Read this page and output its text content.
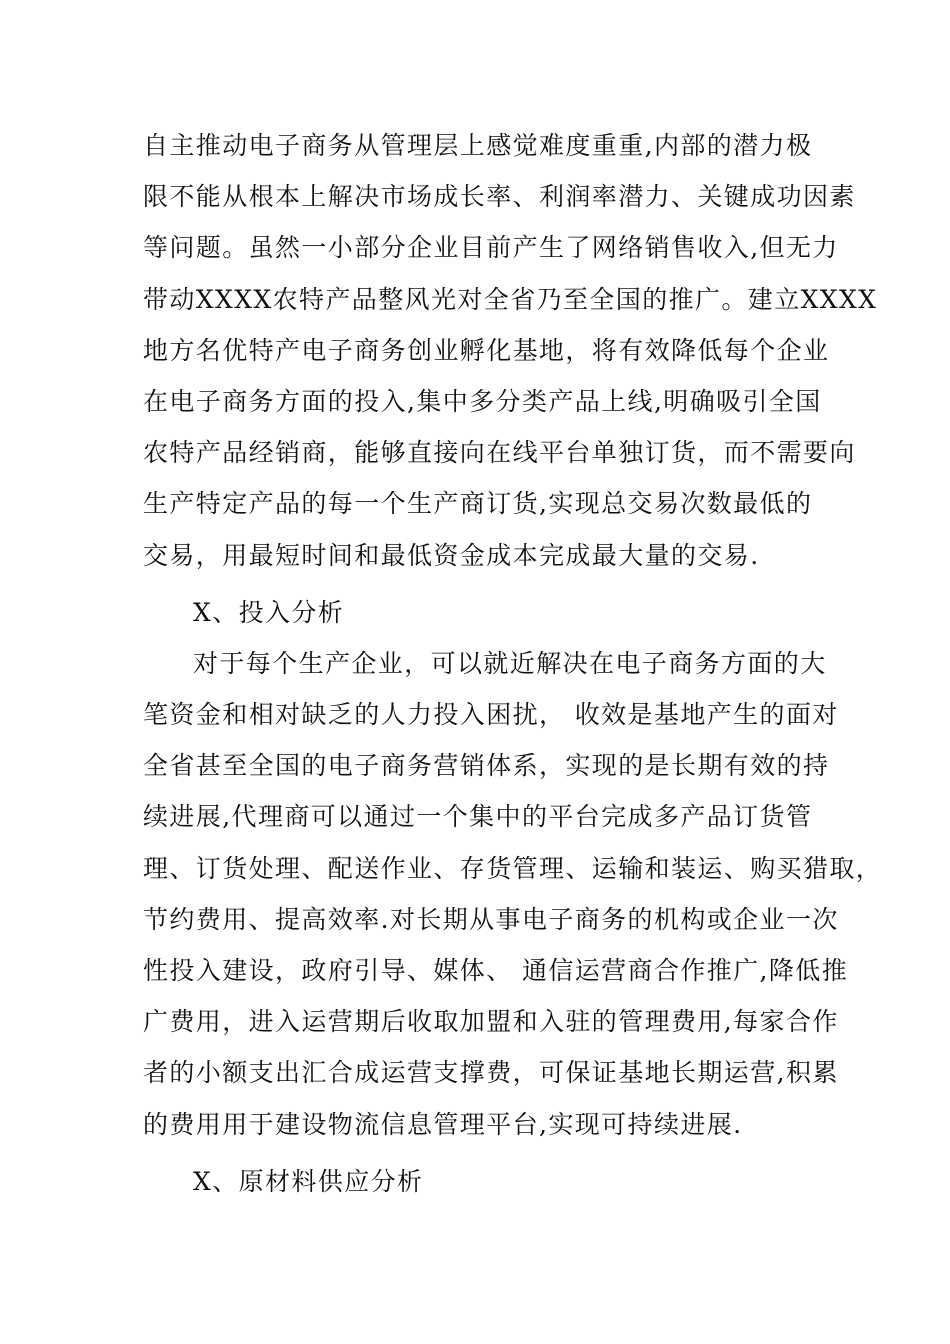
自主推动电子商务从管理层上感觉难度重重,内部的潜力极
限不能从根本上解决市场成长率、利润率潜力、关键成功因素
等问题。虽然一小部分企业目前产生了网络销售收入,但无力
带动XXXX农特产品整风光对全省乃至全国的推广。建立XXXX
地方名优特产电子商务创业孵化基地，将有效降低每个企业
在电子商务方面的投入,集中多分类产品上线,明确吸引全国
农特产品经销商，能够直接向在线平台单独订货，而不需要向
生产特定产品的每一个生产商订货,实现总交易次数最低的
交易，用最短时间和最低资金成本完成最大量的交易.
X、投入分析
对于每个生产企业，可以就近解决在电子商务方面的大
笔资金和相对缺乏的人力投入困扰， 收效是基地产生的面对
全省甚至全国的电子商务营销体系，实现的是长期有效的持
续进展,代理商可以通过一个集中的平台完成多产品订货管
理、订货处理、配送作业、存货管理、运输和装运、购买猎取，
节约费用、提高效率.对长期从事电子商务的机构或企业一次
性投入建设，政府引导、媒体、 通信运营商合作推广,降低推
广费用，进入运营期后收取加盟和入驻的管理费用,每家合作
者的小额支出汇合成运营支撑费，可保证基地长期运营,积累
的费用用于建设物流信息管理平台,实现可持续进展.
X、原材料供应分析
